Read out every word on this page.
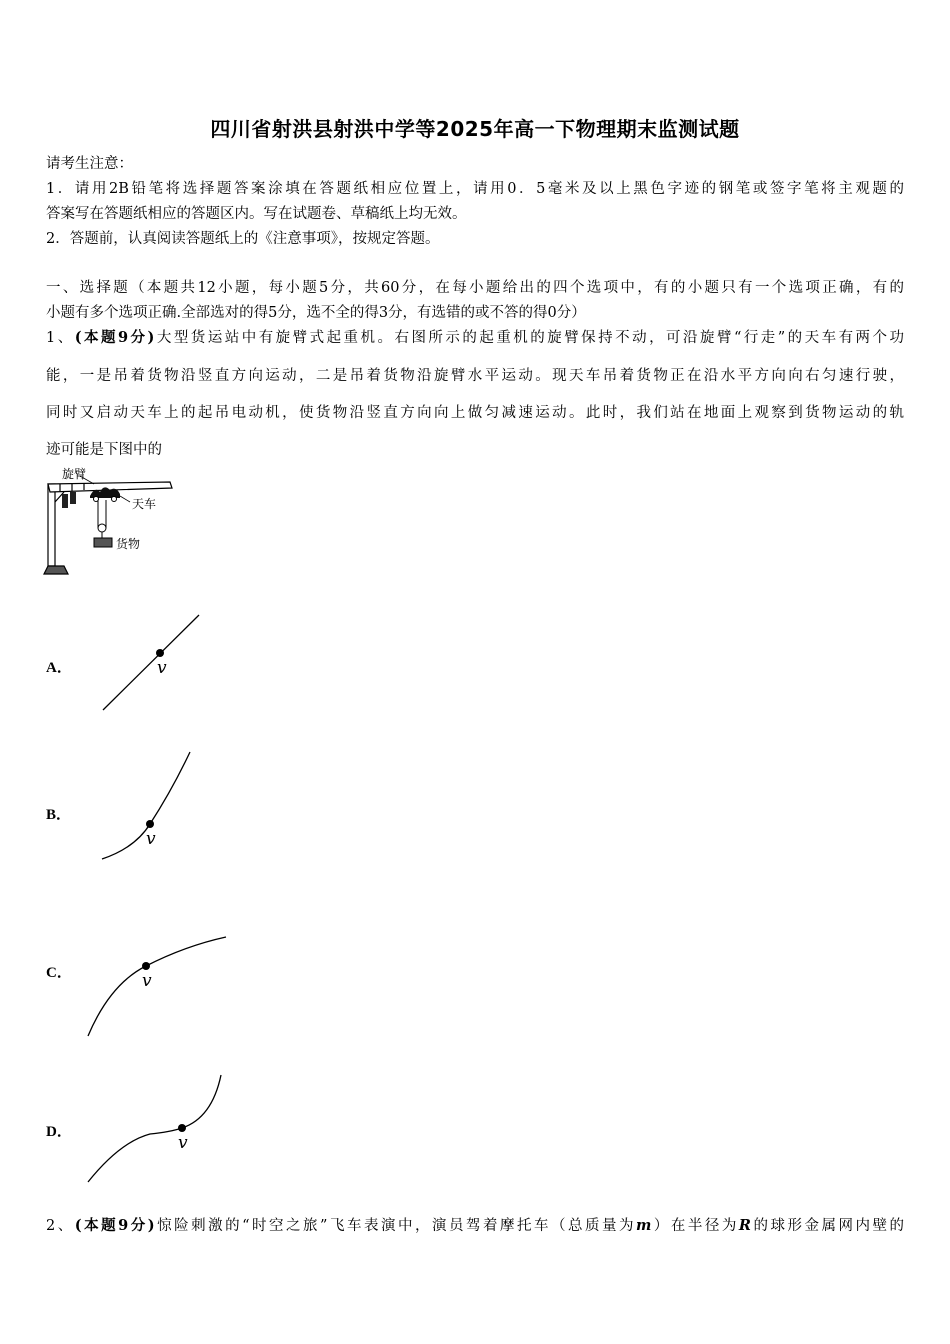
四川省射洪县射洪中学等2025年高一下物理期末监测试题
请考生注意：
1．请用2B铅笔将选择题答案涂填在答题纸相应位置上，请用0．5毫米及以上黑色字迹的钢笔或签字笔将主观题的
答案写在答题纸相应的答题区内。写在试题卷、草稿纸上均无效。
2．答题前，认真阅读答题纸上的《注意事项》，按规定答题。
一、选择题（本题共12小题，每小题5分，共60分，在每小题给出的四个选项中，有的小题只有一个选项正确，有的
小题有多个选项正确.全部选对的得5分，选不全的得3分，有选错的或不答的得0分）
1、(本题9分)大型货运站中有旋臂式起重机。右图所示的起重机的旋臂保持不动，可沿旋臂“行走”的天车有两个功
能，一是吊着货物沿竖直方向运动，二是吊着货物沿旋臂水平运动。现天车吊着货物正在沿水平方向向右匀速行驶，
同时又启动天车上的起吊电动机，使货物沿竖直方向向上做匀减速运动。此时，我们站在地面上观察到货物运动的轨
迹可能是下图中的
旋臂
天车
货物
A．	v
B．
v
C．	v
D．
v
2、(本题9分)惊险刺激的“时空之旅”飞车表演中，演员驾着摩托车（总质量为m）在半径为R的球形金属网内壁的
